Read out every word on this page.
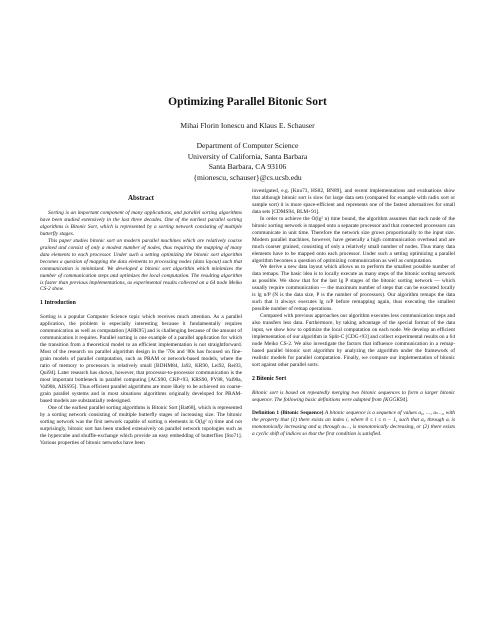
Optimizing Parallel Bitonic Sort
Mihai Florin Ionescu and Klaus E. Schauser
Department of Computer Science
University of California, Santa Barbara
Santa Barbara, CA 93106
{mionescu, schauser}@cs.ucsb.edu
Abstract

Sorting is an important component of many applications, and parallel sorting algorithms have been studied extensively in the last three decades. One of the earliest parallel sorting algorithms is Bitonic Sort, which is represented by a sorting network consisting of multiple butterfly stages.

This paper studies bitonic sort on modern parallel machines which are relatively coarse grained and consist of only a modest number of nodes, thus requiring the mapping of many data elements to each processor. Under such a setting optimizing the bitonic sort algorithm becomes a question of mapping the data elements to processing nodes (data layout) such that communication is minimized. We developed a bitonic sort algorithm which minimizes the number of communication steps and optimizes the local computation. The resulting algorithm is faster than previous implementations, as experimental results collected on a 64 node Meiko CS-2 show.

1 Introduction

Sorting is a popular Computer Science topic which receives much attention. As a parallel application, the problem is especially interesting because it fundamentally requires communication as well as computation [AHK95] and is challenging because of the amount of communication it requires. Parallel sorting is one example of a parallel application for which the transition from a theoretical model to an efficient implementation is not straightforward. Most of the research on parallel algorithm design in the '70s and '80s has focused on fine-grain models of parallel computation, such as PRAM or network-based models, where the ratio of memory to processors is relatively small [BDHM84, Ja92, KR90, Lei92, Rei93, Qui94]. Later research has shown, however, that processor-to-processor communication is the most important bottleneck in parallel computing [ACS90, CKP+93, KRS90, PY88, Val90a, Val90b, AISS95]. Thus efficient parallel algorithms are more likely to be achieved on coarse-grain parallel systems and in most situations algorithms originally developed for PRAM-based models are substantially redesigned.

One of the earliest parallel sorting algorithms is Bitonic Sort [Bat68], which is represented by a sorting network consisting of multiple butterfly stages of increasing size. The bitonic sorting network was the first network capable of sorting n elements in O(lg² n) time and not surprisingly, bitonic sort has been studied extensively on parallel network topologies such as the hypercube and shuffle-exchange which provide an easy embedding of butterflies [Sto71]. Various properties of bitonic networks have been

investigated, e.g. [Knu73, HS82, BN89], and recent implementations and evaluations show that although bitonic sort is slow for large data sets (compared for example with radix sort or sample sort) it is more space-efficient and represents one of the fastest alternatives for small data sets [CDMS94, BLM+91].

In order to achieve the O(lg² n) time bound, the algorithm assumes that each node of the bitonic sorting network is mapped onto a separate processor and that connected processors can communicate in unit time. Therefore the network size grows proportionally to the input size. Modern parallel machines, however, have generally a high communication overhead and are much coarser grained, consisting of only a relatively small number of nodes. Thus many data elements have to be mapped onto each processor. Under such a setting optimizing a parallel algorithm becomes a question of optimizing communication as well as computation.

We derive a new data layout which allows us to perform the smallest possible number of data remaps. The basic idea is to locally execute as many steps of the bitonic sorting network as possible. We show that for the last lg P stages of the bitonic sorting network — which usually require communication — the maximum number of steps that can be executed locally is lg n/P (N is the data size, P is the number of processors). Our algorithm remaps the data such that it always executes lg n/P before remapping again, thus executing the smallest possible number of remap operations.

Compared with previous approaches our algorithm executes less communication steps and also transfers less data. Furthermore, by taking advantage of the special format of the data input, we show how to optimize the local computation on each node. We develop an efficient implementation of our algorithm in Split-C [CDG+93] and collect experimental results on a 64 node Meiko CS-2. We also investigate the factors that influence communication in a remap-based parallel bitonic sort algorithm by analyzing the algorithm under the framework of realistic models for parallel computation. Finally, we compare our implementation of bitonic sort against other parallel sorts.

2 Bitonic Sort

Bitonic sort is based on repeatedly merging two bitonic sequences to form a larger bitonic sequence. The following basic definitions were adapted from [KGGK94].

Definition 1 (Bitonic Sequence) A bitonic sequence is a sequence of values a₀, …, aₙ₋₁, with the property that (1) there exists an index i, where 0 ≤ i ≤ n − 1, such that a₀ through aᵢ is monotonically increasing and aᵢ through aₙ₋₁ is monotonically decreasing, or (2) there exists a cyclic shift of indices so that the first condition is satisfied.
